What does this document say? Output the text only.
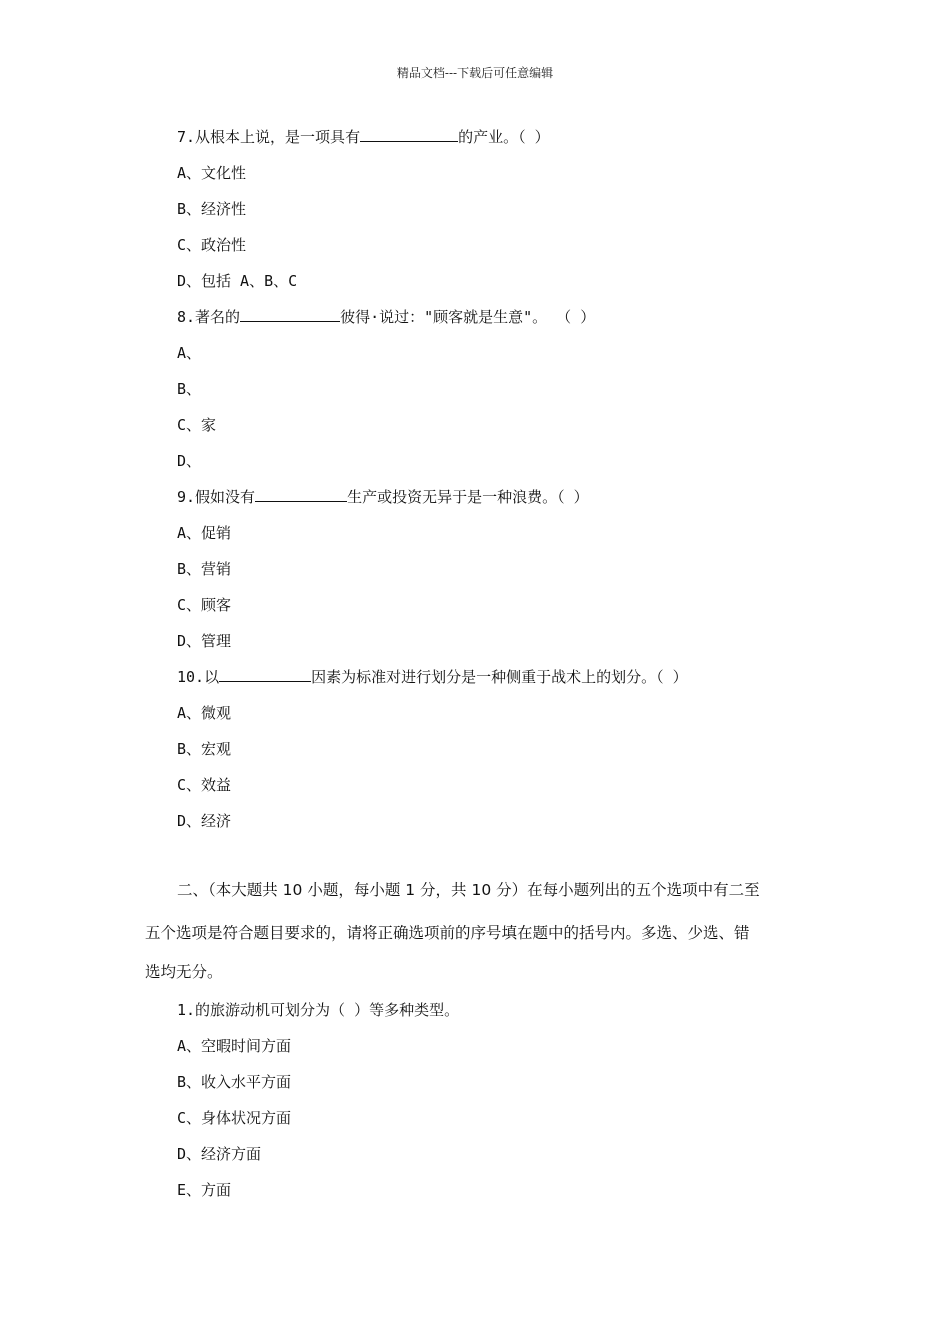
精品文档---下载后可任意编辑
7.从根本上说，是一项具有	的产业。（ ）
A、文化性
B、经济性
C、政治性
D、包括 A、B、C
8.著名的	彼得·说过："顾客就是生意"。 （ ）
A、
B、
C、家
D、
9.假如没有	生产或投资无异于是一种浪费。（ ）
A、促销
B、营销
C、顾客
D、管理
10.以	因素为标准对进行划分是一种侧重于战术上的划分。（ ）
A、微观
B、宏观
C、效益
D、经济
二、（本大题共 10 小题，每小题 1 分，共 10 分）在每小题列出的五个选项中有二至
五个选项是符合题目要求的，请将正确选项前的序号填在题中的括号内。多选、少选、错
选均无分。
1.的旅游动机可划分为（ ）等多种类型。
A、空暇时间方面
B、收入水平方面
C、身体状况方面
D、经济方面
E、方面
